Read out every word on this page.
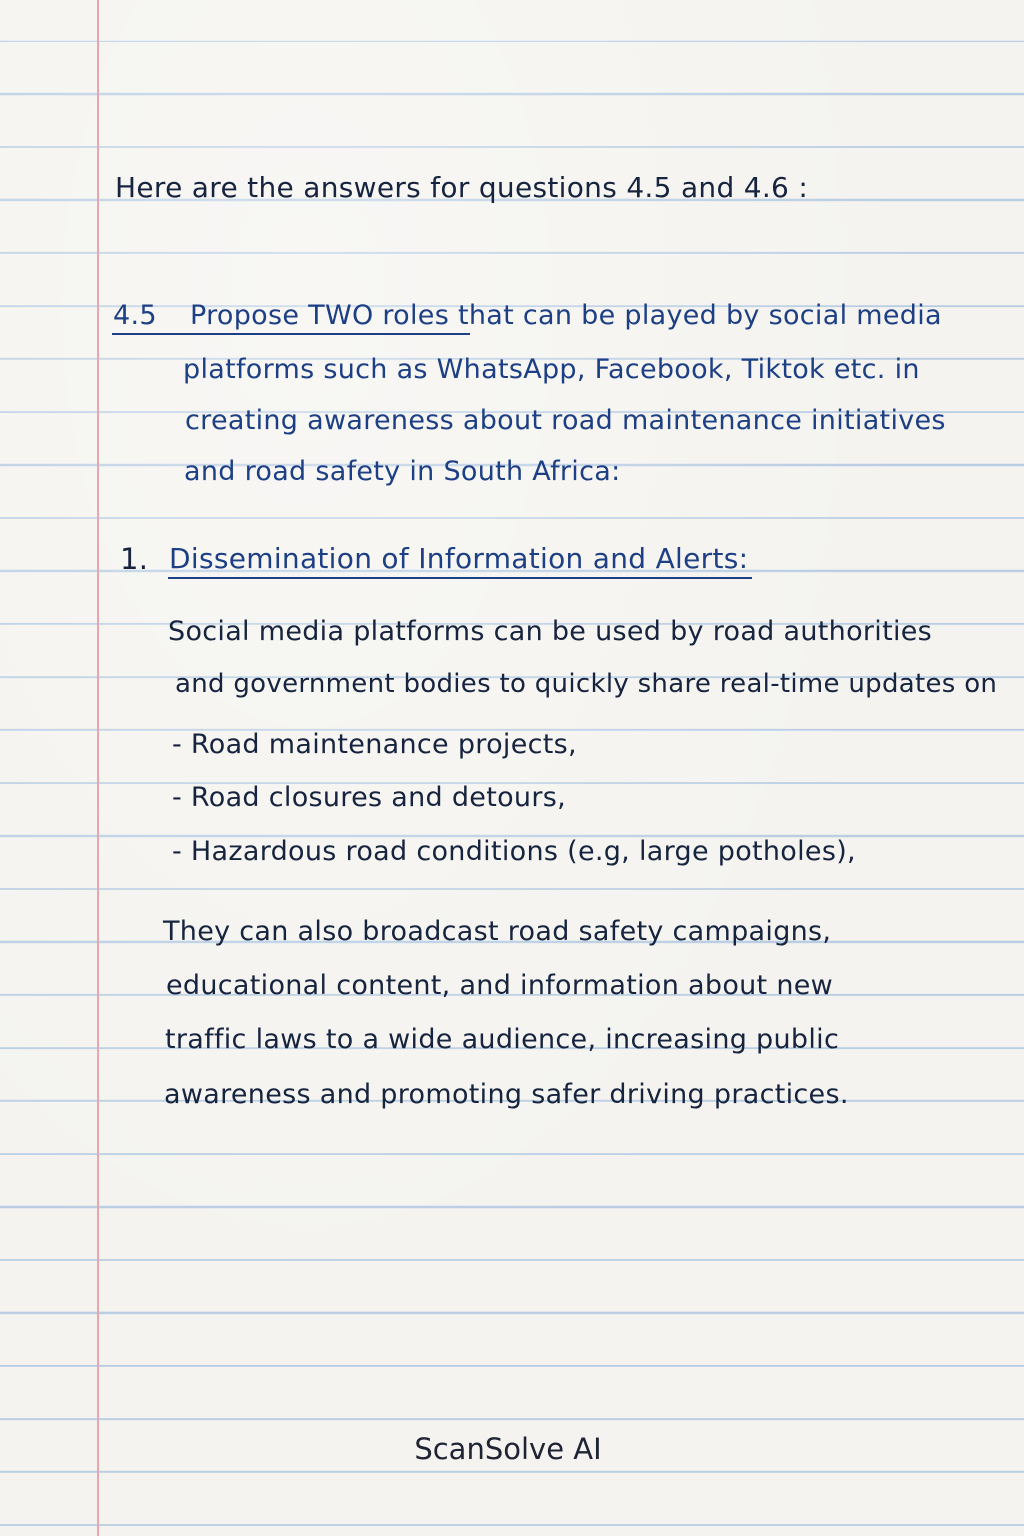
Here are the answers for questions 4.5 and 4.6 :
4.5 Propose TWO roles that can be played by social media
platforms such as WhatsApp, Facebook, Tiktok etc. in
creating awareness about road maintenance initiatives
and road safety in South Africa:
1. Dissemination of Information and Alerts:
Social media platforms can be used by road authorities
and government bodies to quickly share real-time updates on
- Road maintenance projects,
- Road closures and detours,
- Hazardous road conditions (e.g, large potholes),
They can also broadcast road safety campaigns,
educational content, and information about new
traffic laws to a wide audience, increasing public
awareness and promoting safer driving practices.
ScanSolve AI
